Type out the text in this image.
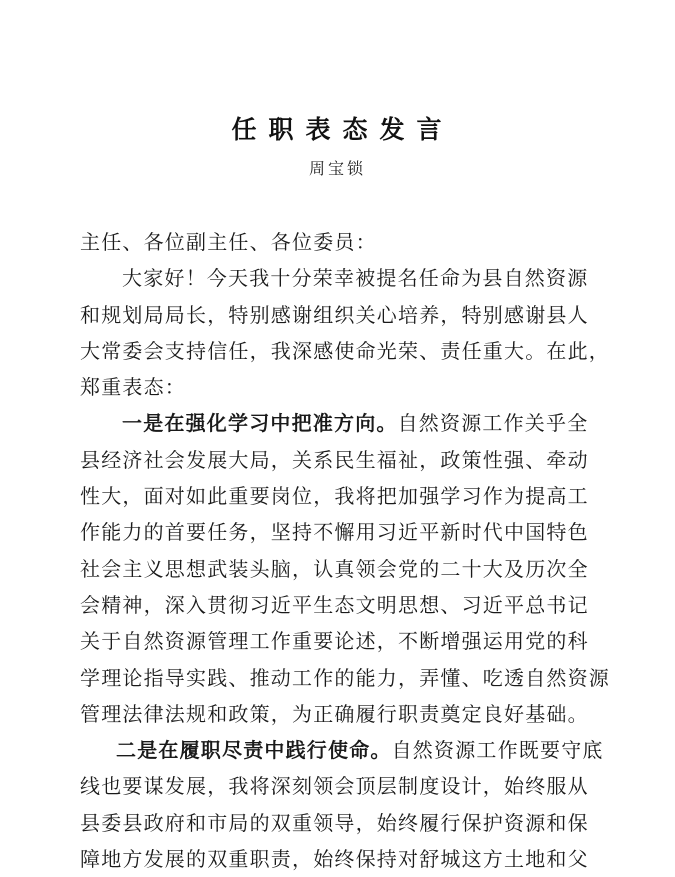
任职表态发言
周宝锁

主任、各位副主任、各位委员：

大家好！今天我十分荣幸被提名任命为县自然资源
和规划局局长，特别感谢组织关心培养，特别感谢县人
大常委会支持信任，我深感使命光荣、责任重大。在此，
郑重表态：

一是在强化学习中把准方向。自然资源工作关乎全
县经济社会发展大局，关系民生福祉，政策性强、牵动
性大，面对如此重要岗位，我将把加强学习作为提高工
作能力的首要任务，坚持不懈用习近平新时代中国特色
社会主义思想武装头脑，认真领会党的二十大及历次全
会精神，深入贯彻习近平生态文明思想、习近平总书记
关于自然资源管理工作重要论述，不断增强运用党的科
学理论指导实践、推动工作的能力，弄懂、吃透自然资源
管理法律法规和政策，为正确履行职责奠定良好基础。

二是在履职尽责中践行使命。自然资源工作既要守底
线也要谋发展，我将深刻领会顶层制度设计，始终服从
县委县政府和市局的双重领导，始终履行保护资源和保
障地方发展的双重职责，始终保持对舒城这方土地和父
